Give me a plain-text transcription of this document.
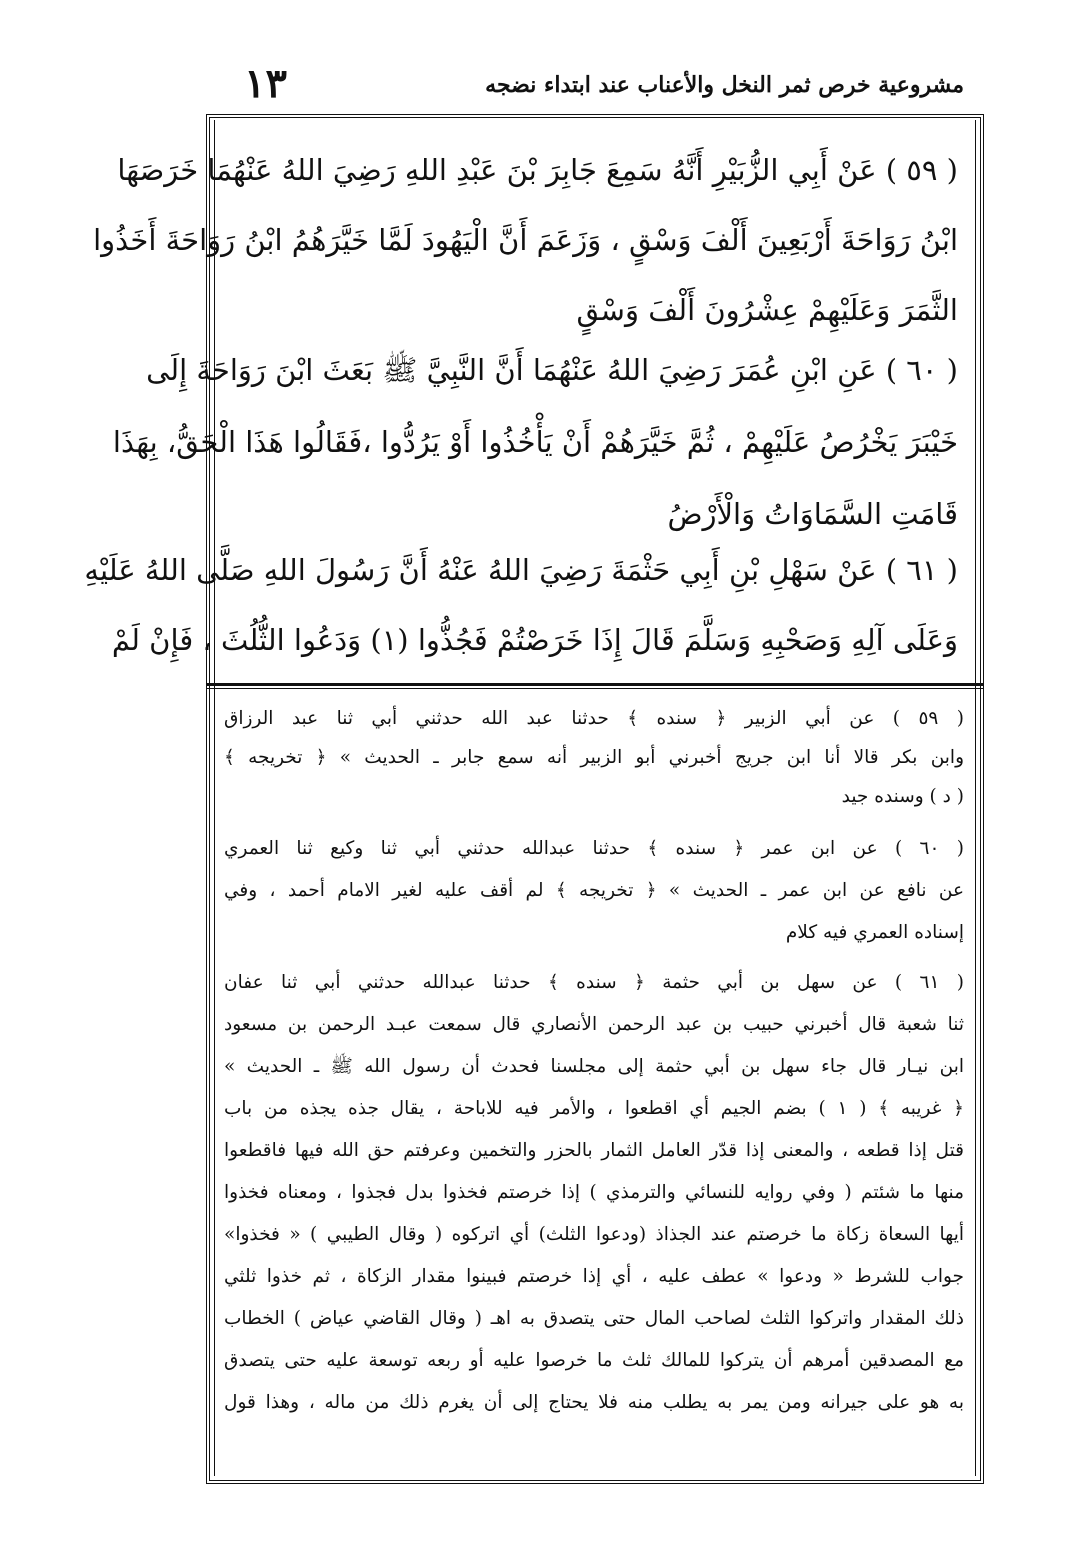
مشروعية خرص ثمر النخل والأعناب عند ابتداء نضجه
١٣
( ٥٩ ) عَنْ أَبِي الزُّبَيْرِ أَنَّهُ سَمِعَ جَابِرَ بْنَ عَبْدِ اللهِ رَضِيَ اللهُ عَنْهُمَا خَرَصَهَا
ابْنُ رَوَاحَةَ أَرْبَعِينَ أَلْفَ وَسْقٍ ، وَزَعَمَ أَنَّ الْيَهُودَ لَمَّا خَيَّرَهُمُ ابْنُ رَوَاحَةَ أَخَذُوا
الثَّمَرَ وَعَلَيْهِمْ عِشْرُونَ أَلْفَ وَسْقٍ
( ٦٠ ) عَنِ ابْنِ عُمَرَ رَضِيَ اللهُ عَنْهُمَا أَنَّ النَّبِيَّ ﷺ بَعَثَ ابْنَ رَوَاحَةَ إِلَى
خَيْبَرَ يَخْرُصُ عَلَيْهِمْ ، ثُمَّ خَيَّرَهُمْ أَنْ يَأْخُذُوا أَوْ يَرُدُّوا ،فَقَالُوا هَذَا الْحَقُّ، بِهَذَا
قَامَتِ السَّمَاوَاتُ وَالْأَرْضُ
( ٦١ ) عَنْ سَهْلِ بْنِ أَبِي حَثْمَةَ رَضِيَ اللهُ عَنْهُ أَنَّ رَسُولَ اللهِ صَلَّى اللهُ عَلَيْهِ
وَعَلَى آلِهِ وَصَحْبِهِ وَسَلَّمَ قَالَ إِذَا خَرَصْتُمْ فَجُذُّوا (١) وَدَعُوا الثُّلُثَ ، فَإِنْ لَمْ
( ٥٩ ) عن أبي الزبير ﴿ سنده ﴾ حدثنا عبد الله حدثني أبي ثنا عبد الرزاق
وابن بكر قالا أنا ابن جريج أخبرني أبو الزبير أنه سمع جابر ـ الحديث » ﴿ تخريجه ﴾
( د ) وسنده جيد
( ٦٠ ) عن ابن عمر ﴿ سنده ﴾ حدثنا عبدالله حدثني أبي ثنا وكيع ثنا العمري
عن نافع عن ابن عمر ـ الحديث » ﴿ تخريجه ﴾ لم أقف عليه لغير الامام أحمد ، وفي
إسناده العمري فيه كلام
( ٦١ ) عن سهل بن أبي حثمة ﴿ سنده ﴾ حدثنا عبدالله حدثني أبي ثنا عفان
ثنا شعبة قال أخبرني حبيب بن عبد الرحمن الأنصاري قال سمعت عبـد الرحمن بن مسعود
ابن نيـار قال جاء سهل بن أبي حثمة إلى مجلسنا فحدث أن رسول الله ﷺ ـ الحديث »
﴿ غريبه ﴾ ( ١ ) بضم الجيم أي اقطعوا ، والأمر فيه للاباحة ، يقال جذه يجذه من باب
قتل إذا قطعه ، والمعنى إذا قدّر العامل الثمار بالحزر والتخمين وعرفتم حق الله فيها فاقطعوا
منها ما شئتم ( وفي روايه للنسائي والترمذي ) إذا خرصتم فخذوا بدل فجذوا ، ومعناه فخذوا
أيها السعاة زكاة ما خرصتم عند الجذاذ (ودعوا الثلث) أي اتركوه ( وقال الطيبي ) « فخذوا»
جواب للشرط « ودعوا » عطف عليه ، أي إذا خرصتم فبينوا مقدار الزكاة ، ثم خذوا ثلثي
ذلك المقدار واتركوا الثلث لصاحب المال حتى يتصدق به اهـ ( وقال القاضي عياض ) الخطاب
مع المصدقين أمرهم أن يتركوا للمالك ثلث ما خرصوا عليه أو ربعه توسعة عليه حتى يتصدق
به هو على جيرانه ومن يمر به يطلب منه فلا يحتاج إلى أن يغرم ذلك من ماله ، وهذا قول
